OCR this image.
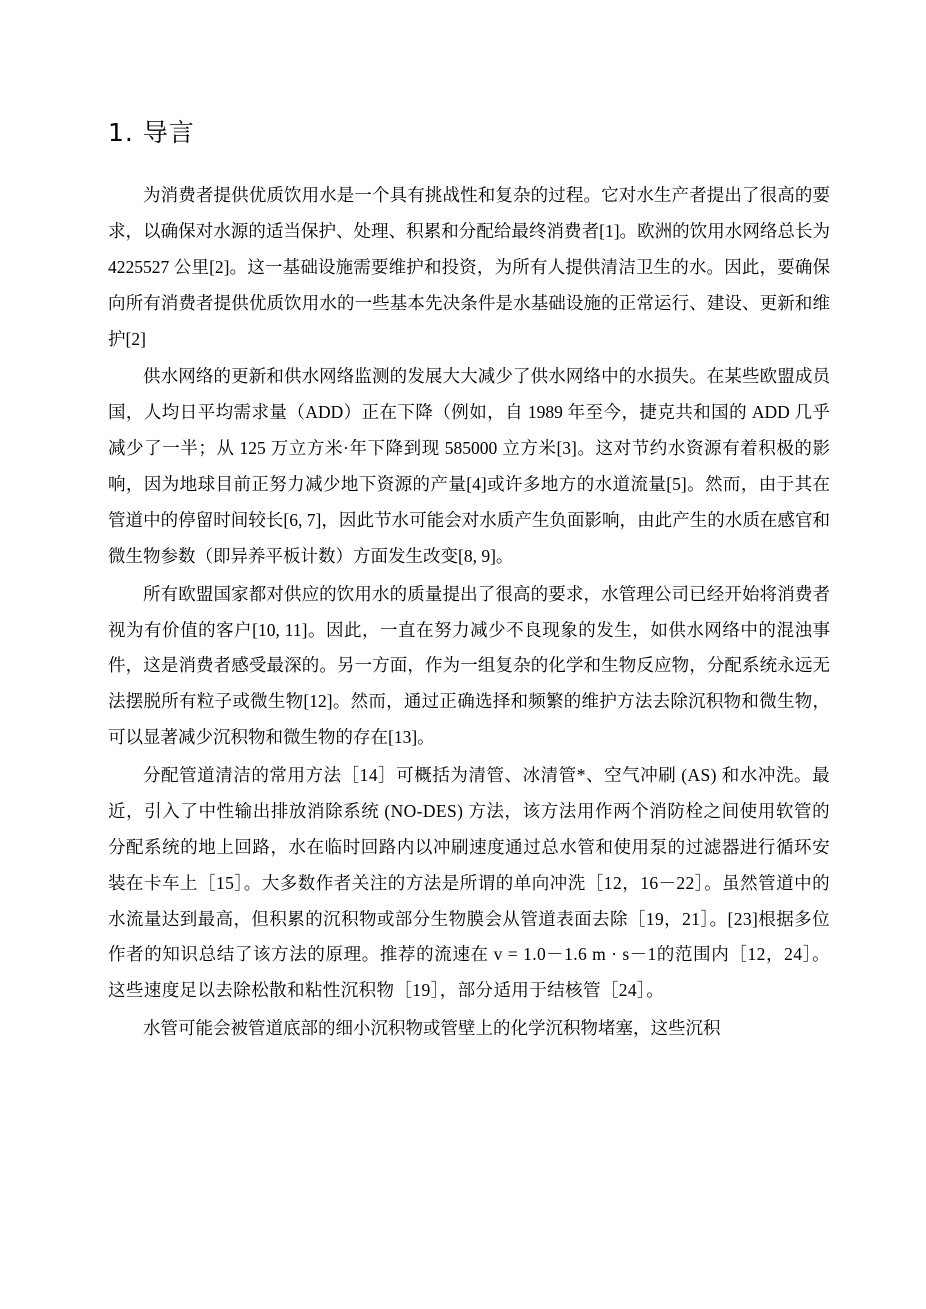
1. 导言

为消费者提供优质饮用水是一个具有挑战性和复杂的过程。它对水生产者提出了很高的要求，以确保对水源的适当保护、处理、积累和分配给最终消费者[1]。欧洲的饮用水网络总长为 4225527 公里[2]。这一基础设施需要维护和投资，为所有人提供清洁卫生的水。因此，要确保向所有消费者提供优质饮用水的一些基本先决条件是水基础设施的正常运行、建设、更新和维护[2]

供水网络的更新和供水网络监测的发展大大减少了供水网络中的水损失。在某些欧盟成员国，人均日平均需求量（ADD）正在下降（例如，自 1989 年至今，捷克共和国的 ADD 几乎减少了一半；从 125 万立方米·年下降到现 585000 立方米[3]。这对节约水资源有着积极的影响，因为地球目前正努力减少地下资源的产量[4]或许多地方的水道流量[5]。然而，由于其在管道中的停留时间较长[6, 7]，因此节水可能会对水质产生负面影响，由此产生的水质在感官和微生物参数（即异养平板计数）方面发生改变[8, 9]。

所有欧盟国家都对供应的饮用水的质量提出了很高的要求，水管理公司已经开始将消费者视为有价值的客户[10, 11]。因此，一直在努力减少不良现象的发生，如供水网络中的混浊事件，这是消费者感受最深的。另一方面，作为一组复杂的化学和生物反应物，分配系统永远无法摆脱所有粒子或微生物[12]。然而，通过正确选择和频繁的维护方法去除沉积物和微生物，可以显著减少沉积物和微生物的存在[13]。

分配管道清洁的常用方法［14］可概括为清管、冰清管*、空气冲刷 (AS) 和水冲洗。最近，引入了中性输出排放消除系统 (NO-DES) 方法，该方法用作两个消防栓之间使用软管的分配系统的地上回路，水在临时回路内以冲刷速度通过总水管和使用泵的过滤器进行循环安装在卡车上［15］。大多数作者关注的方法是所谓的单向冲洗［12，16－22］。虽然管道中的水流量达到最高，但积累的沉积物或部分生物膜会从管道表面去除［19，21］。[23]根据多位作者的知识总结了该方法的原理。推荐的流速在 v = 1.0－1.6 m · s－1的范围内［12，24］。这些速度足以去除松散和粘性沉积物［19］，部分适用于结核管［24］。

水管可能会被管道底部的细小沉积物或管壁上的化学沉积物堵塞，这些沉积
